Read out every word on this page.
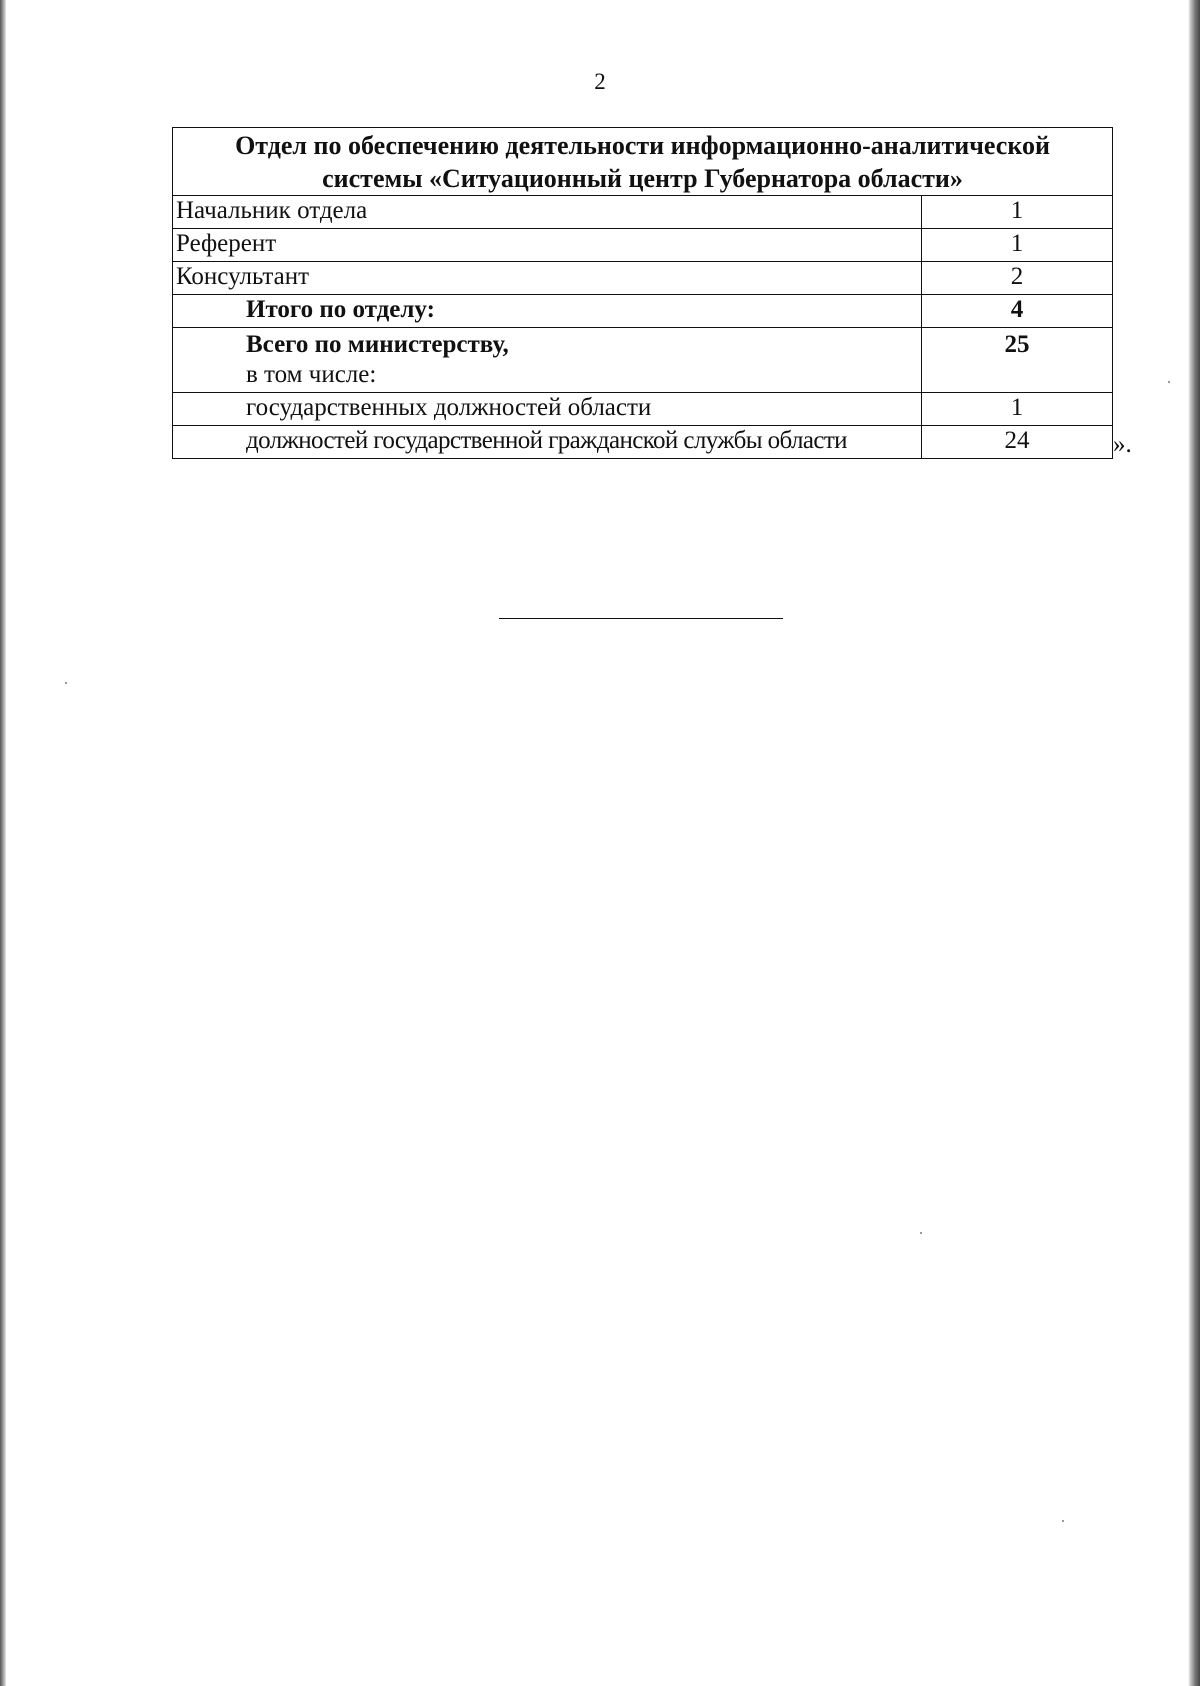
2
Отдел по обеспечению деятельности информационно-аналитической системы «Ситуационный центр Губернатора области»	
Начальник отдела	1
Референт	1
Консультант	2
Итого по отделу:	4

Всего по министерству,
в том числе:	25

государственных должностей области	1
должностей государственной гражданской службы области	24	».
